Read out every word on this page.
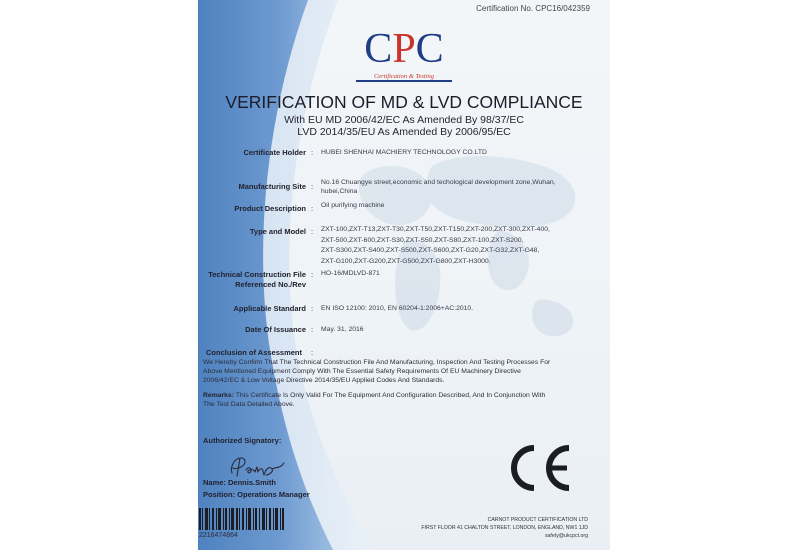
Certification No. CPC16/042359
CPC
Certification & Testing
VERIFICATION OF MD & LVD COMPLIANCE
With EU MD 2006/42/EC As Amended By 98/37/EC
LVD 2014/35/EU As Amended By 2006/95/EC
Certificate Holder : HUBEI SHENHAI MACHIERY TECHNOLOGY CO.LTD
Manufacturing Site : No.16 Chuangye street,economic and techological development zone,Wuhan,
hubei,China
Product Description : Oil purifying machine
Type and Model : ZXT-100,ZXT-T13,ZXT-T30,ZXT-T50,ZXT-T150,ZXT-200,ZXT-300,ZXT-400,
ZXT-500,ZXT-600,ZXT-S30,ZXT-S50,ZXT-S80,ZXT-100,ZXT-S200,
ZXT-S300,ZXT-S400,ZXT-S500,ZXT-S600,ZXT-G20,ZXT-G32,ZXT-G48,
ZXT-G100,ZXT-G200,ZXT-G500,ZXT-G800,ZXT-H3000.
Technical Construction File
Referenced No./Rev
: HO-16/MDLVD-871
Applicable Standard : EN ISO 12100: 2010, EN 60204-1:2006+AC:2010.
Date Of Issuance : May. 31, 2016
Conclusion of Assessment :
We Hereby Confirm That The Technical Construction File And Manufacturing, Inspection And Testing Processes For
Above Mentioned Equipment Comply With The Essential Safety Requirements Of EU Machinery Directive
2006/42/EC & Low Voltage Directive 2014/35/EU Applied Codes And Standards.
Remarks: This Certificate Is Only Valid For The Equipment And Configuration Described, And In Conjunction With
The Test Data Detailed Above.
Authorized Signatory:
Name: Dennis.Smith
Position: Operations Manager
2216474864
CARNOT PRODUCT CERTIFICATION LTD
FIRST FLOOR 41 CHALTON STREET, LONDON, ENGLAND, NW1 1JD
safety@ukcpct.org
